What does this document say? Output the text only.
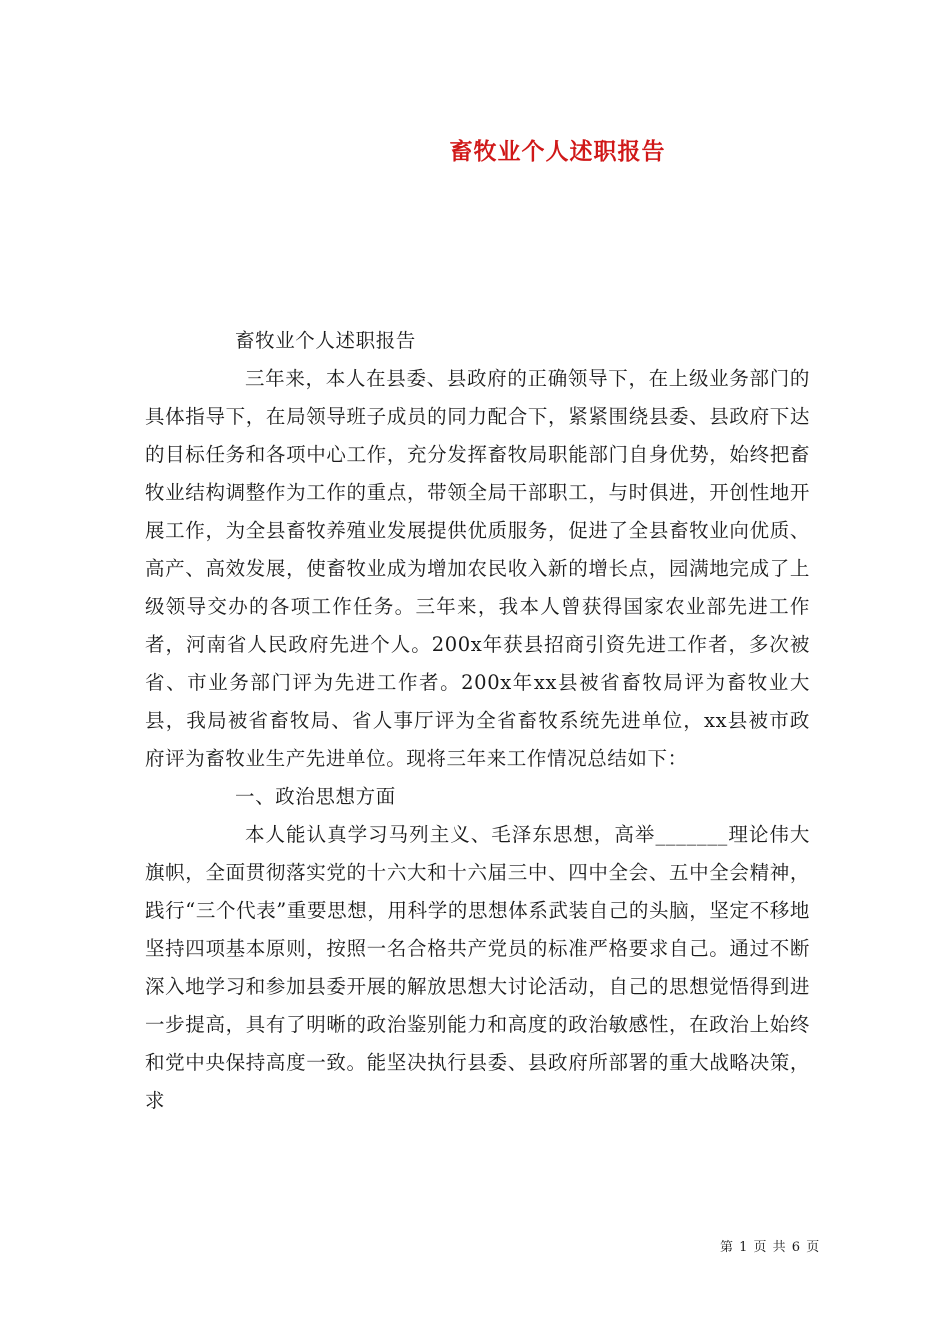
畜牧业个人述职报告

畜牧业个人述职报告

三年来，本人在县委、县政府的正确领导下，在上级业务部门的具体指导下，在局领导班子成员的同力配合下，紧紧围绕县委、县政府下达的目标任务和各项中心工作，充分发挥畜牧局职能部门自身优势，始终把畜牧业结构调整作为工作的重点，带领全局干部职工，与时俱进，开创性地开展工作，为全县畜牧养殖业发展提供优质服务，促进了全县畜牧业向优质、高产、高效发展，使畜牧业成为增加农民收入新的增长点，园满地完成了上级领导交办的各项工作任务。三年来，我本人曾获得国家农业部先进工作者，河南省人民政府先进个人。200x年获县招商引资先进工作者，多次被省、市业务部门评为先进工作者。200x年xx县被省畜牧局评为畜牧业大县，我局被省畜牧局、省人事厅评为全省畜牧系统先进单位，xx县被市政府评为畜牧业生产先进单位。现将三年来工作情况总结如下：

一、政治思想方面

本人能认真学习马列主义、毛泽东思想，高举_______理论伟大旗帜，全面贯彻落实党的十六大和十六届三中、四中全会、五中全会精神，践行“三个代表”重要思想，用科学的思想体系武装自己的头脑，坚定不移地坚持四项基本原则，按照一名合格共产党员的标准严格要求自己。通过不断深入地学习和参加县委开展的解放思想大讨论活动，自己的思想觉悟得到进一步提高，具有了明晰的政治鉴别能力和高度的政治敏感性，在政治上始终和党中央保持高度一致。能坚决执行县委、县政府所部署的重大战略决策，求

第 1 页 共 6 页
